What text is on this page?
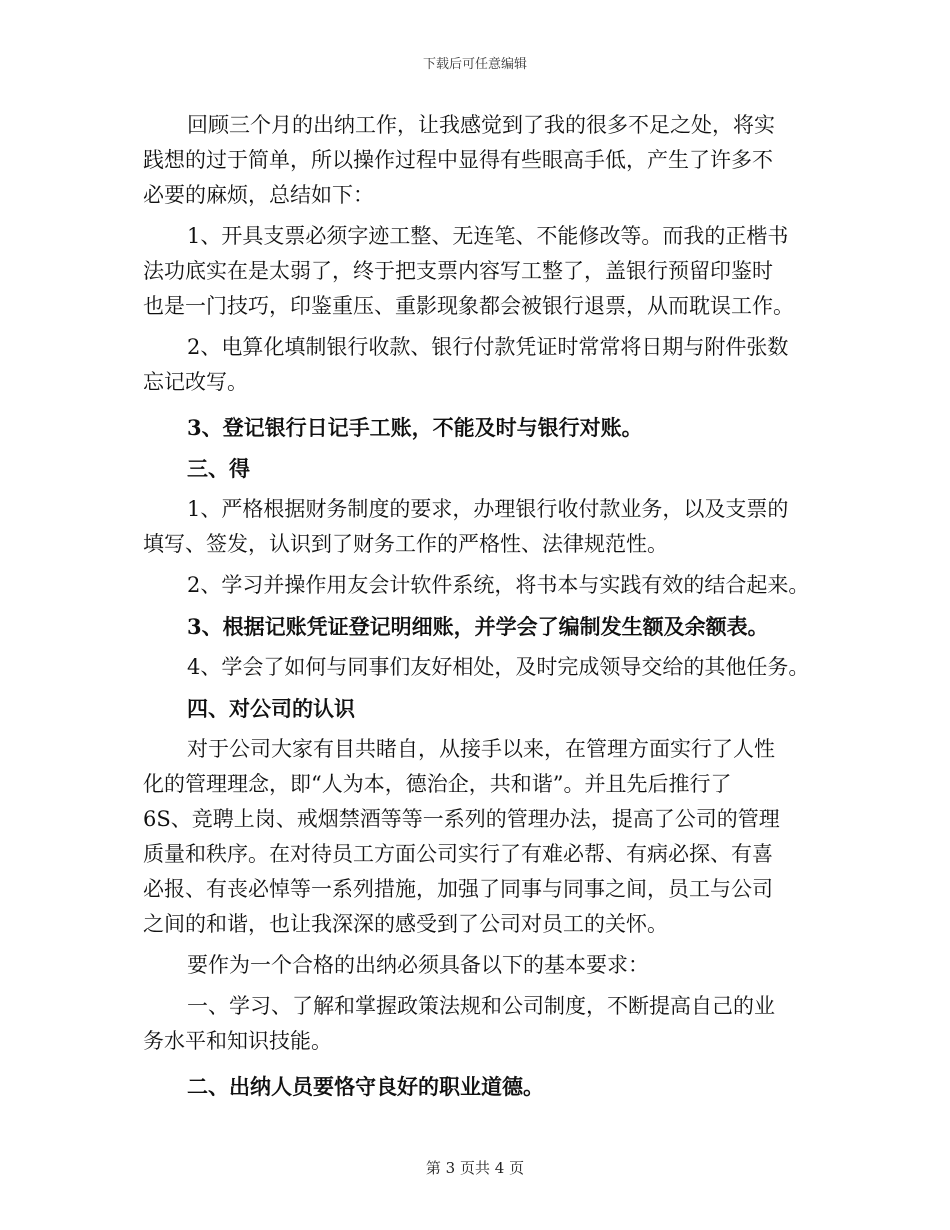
下载后可任意编辑
回顾三个月的出纳工作，让我感觉到了我的很多不足之处，将实
践想的过于简单，所以操作过程中显得有些眼高手低，产生了许多不
必要的麻烦，总结如下：
1、开具支票必须字迹工整、无连笔、不能修改等。而我的正楷书
法功底实在是太弱了，终于把支票内容写工整了，盖银行预留印鉴时
也是一门技巧，印鉴重压、重影现象都会被银行退票，从而耽误工作。
2、电算化填制银行收款、银行付款凭证时常常将日期与附件张数
忘记改写。
3、登记银行日记手工账，不能及时与银行对账。
三、得
1、严格根据财务制度的要求，办理银行收付款业务，以及支票的
填写、签发，认识到了财务工作的严格性、法律规范性。
2、学习并操作用友会计软件系统，将书本与实践有效的结合起来。
3、根据记账凭证登记明细账，并学会了编制发生额及余额表。
4、学会了如何与同事们友好相处，及时完成领导交给的其他任务。
四、对公司的认识
对于公司大家有目共睹自，从接手以来，在管理方面实行了人性
化的管理理念，即“人为本，德治企，共和谐”。并且先后推行了
6S、竞聘上岗、戒烟禁酒等等一系列的管理办法，提高了公司的管理
质量和秩序。在对待员工方面公司实行了有难必帮、有病必探、有喜
必报、有丧必悼等一系列措施，加强了同事与同事之间，员工与公司
之间的和谐，也让我深深的感受到了公司对员工的关怀。
要作为一个合格的出纳必须具备以下的基本要求：
一、学习、了解和掌握政策法规和公司制度，不断提高自己的业
务水平和知识技能。
二、出纳人员要恪守良好的职业道德。
第 3 页共 4 页
